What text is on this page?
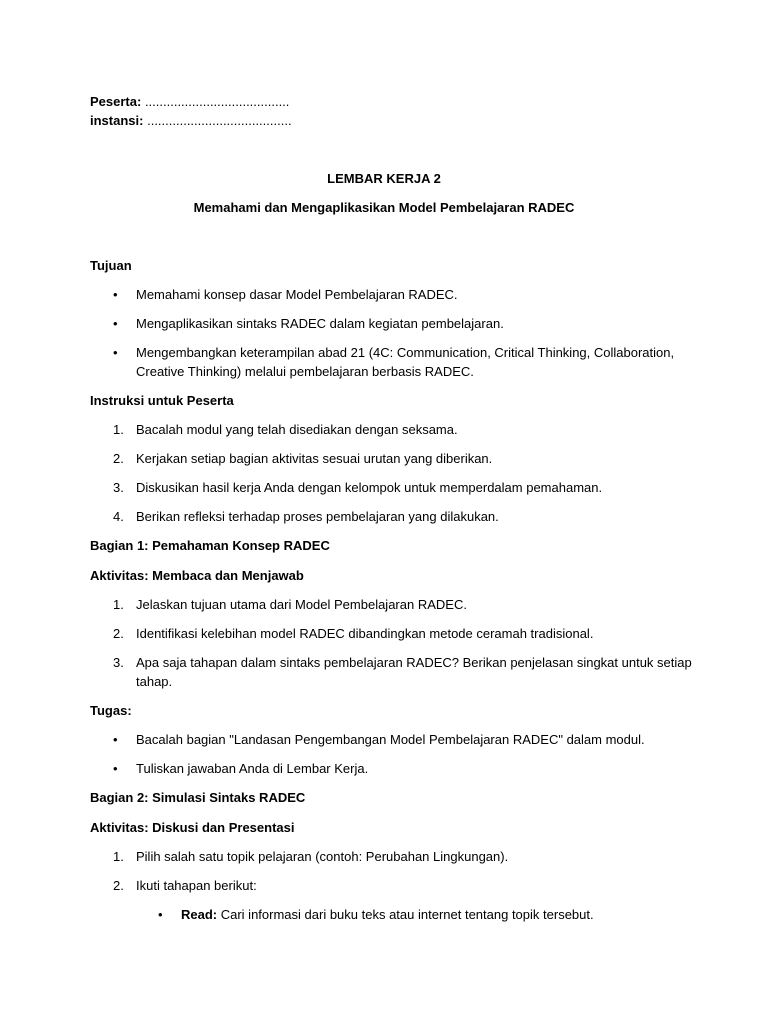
Peserta: ........................................
instansi: ........................................
LEMBAR KERJA 2
Memahami dan Mengaplikasikan Model Pembelajaran RADEC
Tujuan
• Memahami konsep dasar Model Pembelajaran RADEC.
• Mengaplikasikan sintaks RADEC dalam kegiatan pembelajaran.
• Mengembangkan keterampilan abad 21 (4C: Communication, Critical Thinking, Collaboration,
Creative Thinking) melalui pembelajaran berbasis RADEC.
Instruksi untuk Peserta
1. Bacalah modul yang telah disediakan dengan seksama.
2. Kerjakan setiap bagian aktivitas sesuai urutan yang diberikan.
3. Diskusikan hasil kerja Anda dengan kelompok untuk memperdalam pemahaman.
4. Berikan refleksi terhadap proses pembelajaran yang dilakukan.
Bagian 1: Pemahaman Konsep RADEC
Aktivitas: Membaca dan Menjawab
1. Jelaskan tujuan utama dari Model Pembelajaran RADEC.
2. Identifikasi kelebihan model RADEC dibandingkan metode ceramah tradisional.
3. Apa saja tahapan dalam sintaks pembelajaran RADEC? Berikan penjelasan singkat untuk setiap
tahap.
Tugas:
• Bacalah bagian "Landasan Pengembangan Model Pembelajaran RADEC" dalam modul.
• Tuliskan jawaban Anda di Lembar Kerja.
Bagian 2: Simulasi Sintaks RADEC
Aktivitas: Diskusi dan Presentasi
1. Pilih salah satu topik pelajaran (contoh: Perubahan Lingkungan).
2. Ikuti tahapan berikut:
• Read: Cari informasi dari buku teks atau internet tentang topik tersebut.
